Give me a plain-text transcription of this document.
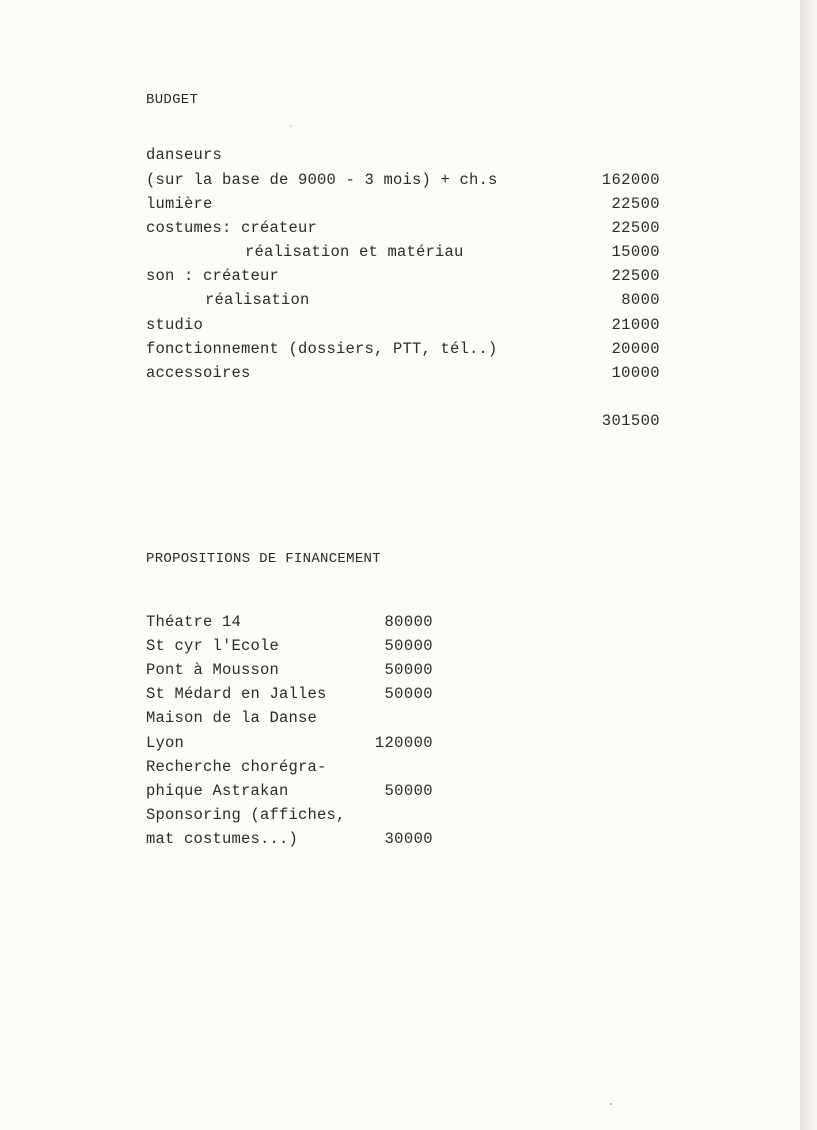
BUDGET
danseurs
(sur la base de 9000 - 3 mois) + ch.s	162000
lumière	22500
costumes: créateur	22500
réalisation et matériau	15000
son : créateur	22500
réalisation	8000
studio	21000
fonctionnement (dossiers, PTT, tél..)	20000
accessoires	10000
301500
PROPOSITIONS DE FINANCEMENT
Théatre 14	80000
St cyr l'Ecole	50000
Pont à Mousson	50000
St Médard en Jalles	50000
Maison de la Danse
Lyon	120000
Recherche chorégra-
phique Astrakan	50000
Sponsoring (affiches,
mat costumes...)	30000
